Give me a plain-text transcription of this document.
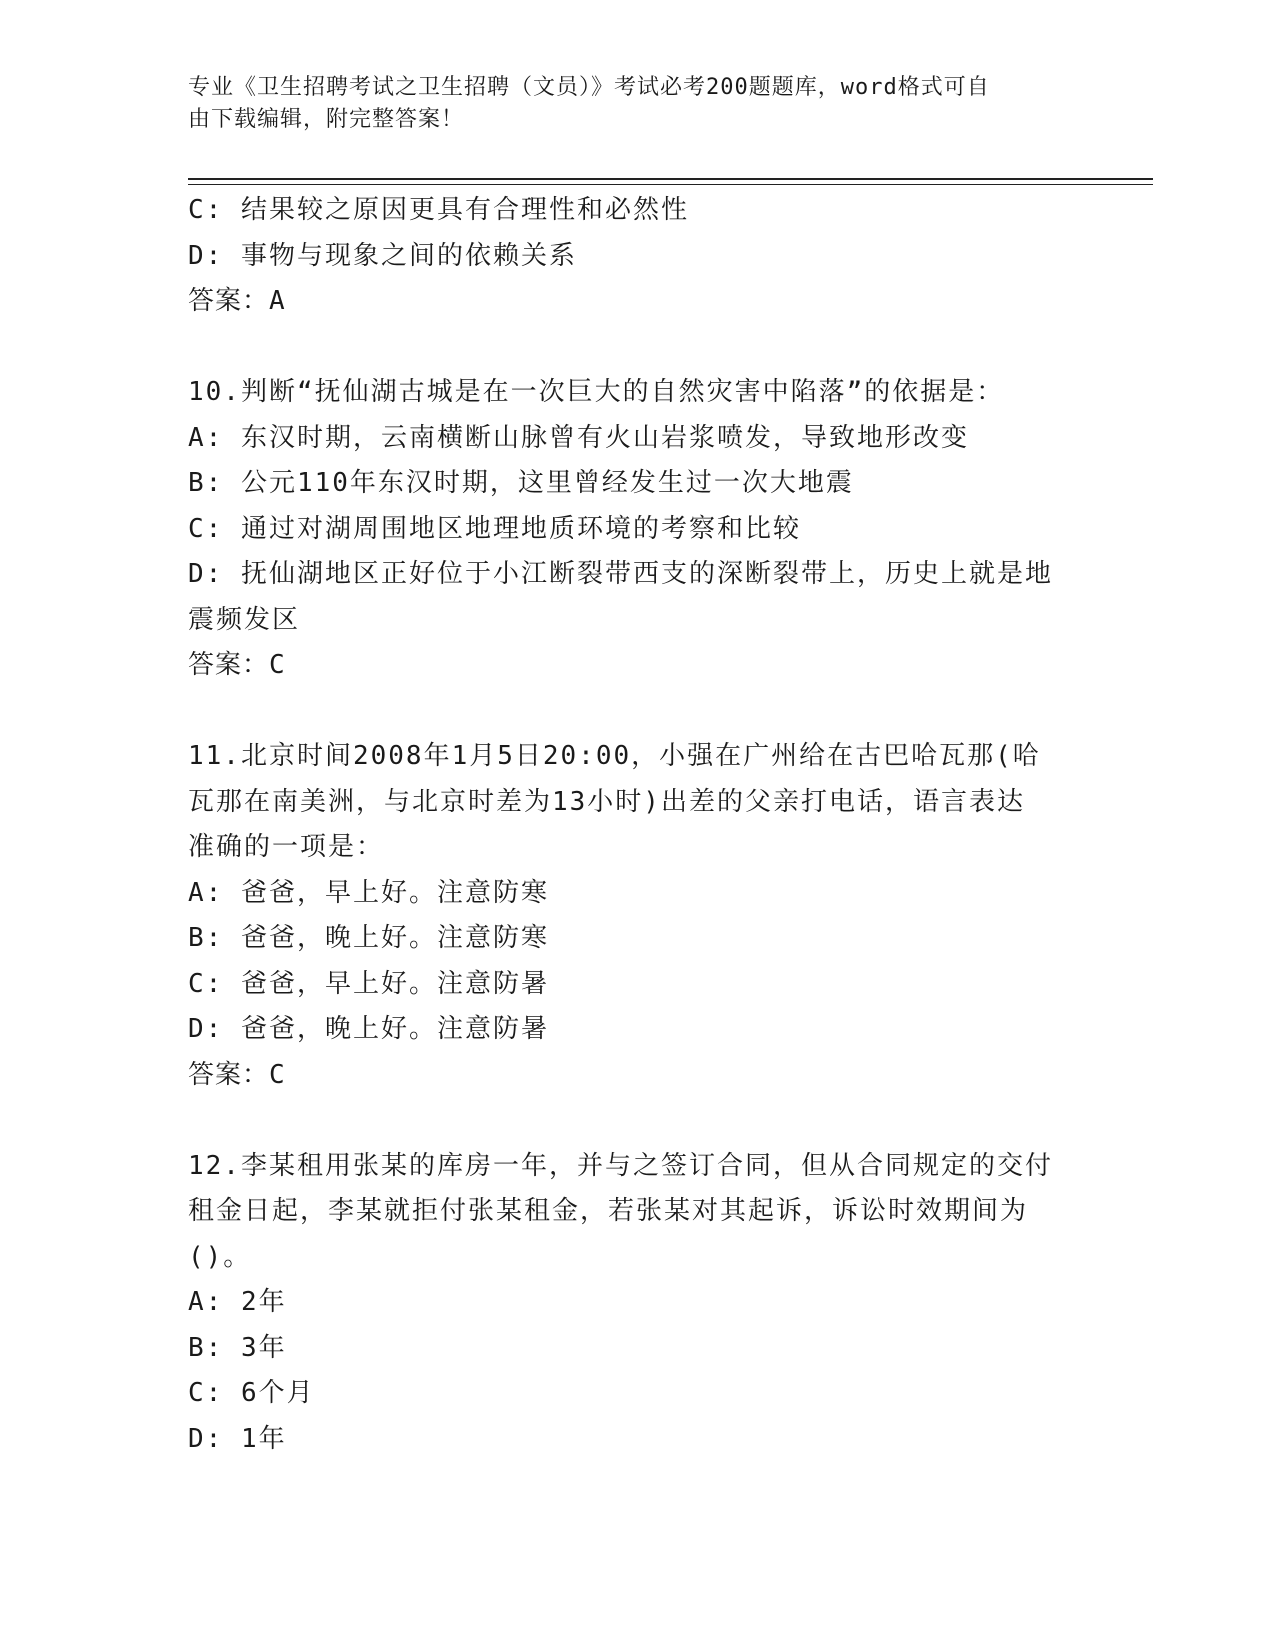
专业《卫生招聘考试之卫生招聘（文员）》考试必考200题题库，word格式可自
由下载编辑，附完整答案！
C: 结果较之原因更具有合理性和必然性
D: 事物与现象之间的依赖关系
答案：A
10.判断“抚仙湖古城是在一次巨大的自然灾害中陷落”的依据是：
A: 东汉时期，云南横断山脉曾有火山岩浆喷发，导致地形改变
B: 公元110年东汉时期，这里曾经发生过一次大地震
C: 通过对湖周围地区地理地质环境的考察和比较
D: 抚仙湖地区正好位于小江断裂带西支的深断裂带上，历史上就是地
震频发区
答案：C
11.北京时间2008年1月5日20:00，小强在广州给在古巴哈瓦那(哈
瓦那在南美洲，与北京时差为13小时)出差的父亲打电话，语言表达
准确的一项是：
A: 爸爸，早上好。注意防寒
B: 爸爸，晚上好。注意防寒
C: 爸爸，早上好。注意防暑
D: 爸爸，晚上好。注意防暑
答案：C
12.李某租用张某的库房一年，并与之签订合同，但从合同规定的交付
租金日起，李某就拒付张某租金，若张某对其起诉，诉讼时效期间为
()。
A: 2年
B: 3年
C: 6个月
D: 1年
